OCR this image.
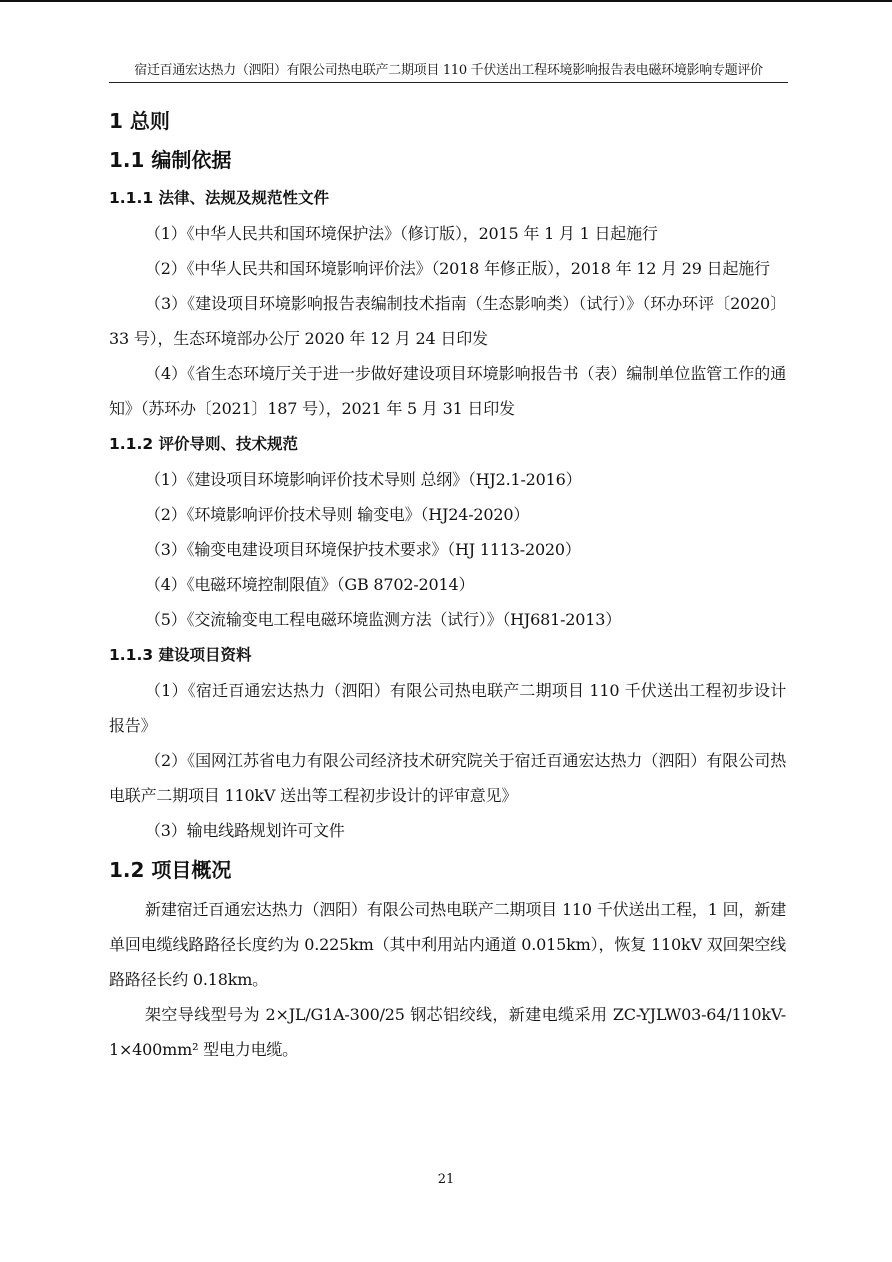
宿迁百通宏达热力（泗阳）有限公司热电联产二期项目 110 千伏送出工程环境影响报告表电磁环境影响专题评价
1 总则
1.1 编制依据
1.1.1 法律、法规及规范性文件

（1）《中华人民共和国环境保护法》（修订版），2015 年 1 月 1 日起施行

（2）《中华人民共和国环境影响评价法》（2018 年修正版），2018 年 12 月 29 日起施行

（3）《建设项目环境影响报告表编制技术指南（生态影响类）（试行）》（环办环评〔2020〕33 号），生态环境部办公厅 2020 年 12 月 24 日印发

（4）《省生态环境厅关于进一步做好建设项目环境影响报告书（表）编制单位监管工作的通知》（苏环办〔2021〕187 号），2021 年 5 月 31 日印发

1.1.2 评价导则、技术规范

（1）《建设项目环境影响评价技术导则 总纲》（HJ2.1-2016）

（2）《环境影响评价技术导则 输变电》（HJ24-2020）

（3）《输变电建设项目环境保护技术要求》（HJ 1113-2020）

（4）《电磁环境控制限值》（GB 8702-2014）

（5）《交流输变电工程电磁环境监测方法（试行）》（HJ681-2013）

1.1.3 建设项目资料

（1）《宿迁百通宏达热力（泗阳）有限公司热电联产二期项目 110 千伏送出工程初步设计报告》

（2）《国网江苏省电力有限公司经济技术研究院关于宿迁百通宏达热力（泗阳）有限公司热电联产二期项目 110kV 送出等工程初步设计的评审意见》

（3）输电线路规划许可文件

1.2 项目概况

新建宿迁百通宏达热力（泗阳）有限公司热电联产二期项目 110 千伏送出工程，1 回，新建单回电缆线路路径长度约为 0.225km（其中利用站内通道 0.015km），恢复 110kV 双回架空线路路径长约 0.18km。

架空导线型号为 2×JL/G1A-300/25 钢芯铝绞线，新建电缆采用 ZC-YJLW03-64/110kV-1×400mm² 型电力电缆。

21
